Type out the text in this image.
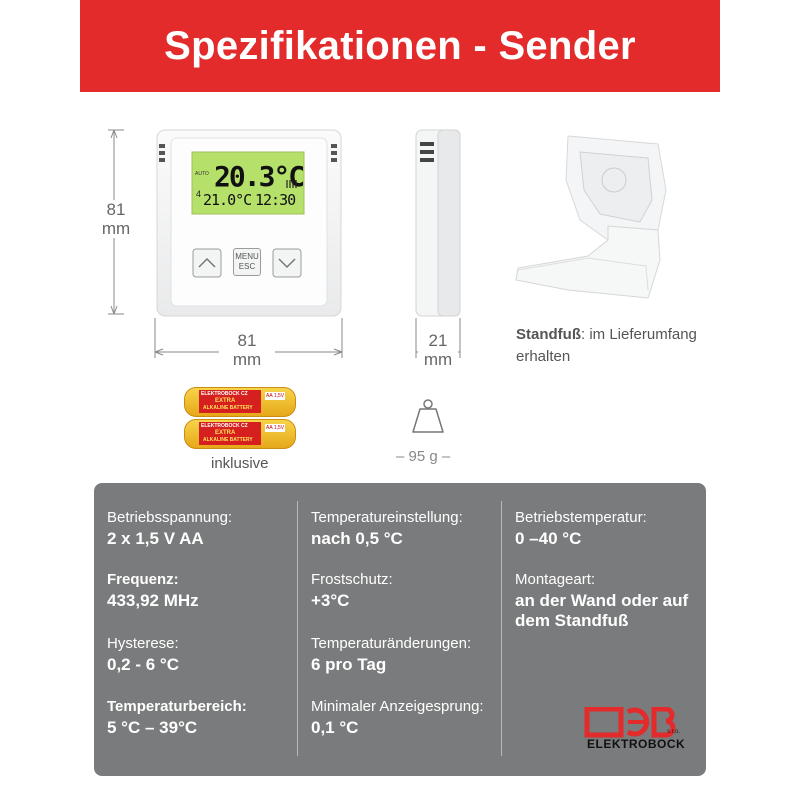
Spezifikationen - Sender
81
mm
AUTO 20.3°C
4 21.0°C 12:30
MENU
ESC
81
mm
21
mm
Standfuß: im Lieferumfang
erhalten
ELEKTROBOCK CZ
EXTRA
ALKALINE BATTERY
AA 1,5V
ELEKTROBOCK CZ
EXTRA
ALKALINE BATTERY
AA 1,5V
inklusive	– 95 g –
Betriebsspannung:
2 x 1,5 V AA
Frequenz:
433,92 MHz
Hysterese:
0,2 - 6 °C
Temperaturbereich:
5 °C – 39°C
Temperatureinstellung:
nach 0,5 °C
Frostschutz:
+3°C
Temperaturänderungen:
6 pro Tag
Minimaler Anzeigesprung:
0,1 °C
Betriebstemperatur:
0 –40 °C
Montageart:
an der Wand oder auf
dem Standfuß
s.r.o.
ELEKTROBOCK
